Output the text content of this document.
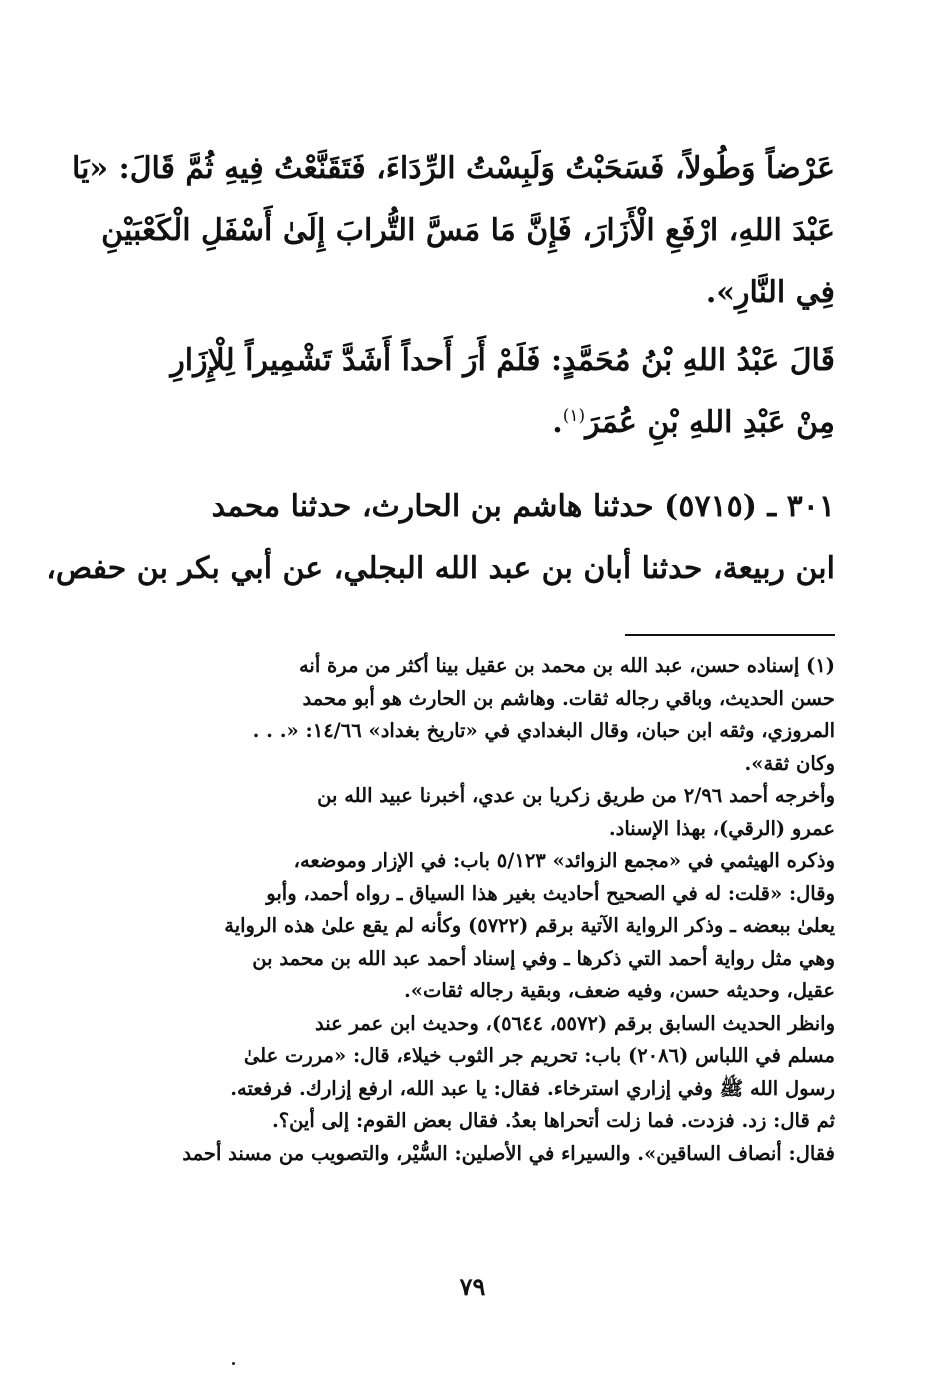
عَرْضاً وَطُولاً، فَسَحَبْتُ وَلَبِسْتُ الرِّدَاءَ، فَتَقَنَّعْتُ فِيهِ ثُمَّ قَالَ: «يَا
عَبْدَ اللهِ، ارْفَعِ الْأَزَارَ، فَإِنَّ مَا مَسَّ التُّرابَ إِلَىٰ أَسْفَلِ الْكَعْبَيْنِ
فِي النَّارِ».
قَالَ عَبْدُ اللهِ بْنُ مُحَمَّدٍ: فَلَمْ أَرَ أَحداً أَشَدَّ تَشْمِيراً لِلْإِزَارِ
مِنْ عَبْدِ اللهِ بْنِ عُمَرَ$^{(١)}$.
٣٠١ ـ (٥٧١٥) حدثنا هاشم بن الحارث، حدثنا محمد
ابن ربيعة، حدثنا أبان بن عبد الله البجلي، عن أبي بكر بن حفص،
(١) إسناده حسن، عبد الله بن محمد بن عقيل بينا أكثر من مرة أنه
حسن الحديث، وباقي رجاله ثقات. وهاشم بن الحارث هو أبو محمد
المروزي، وثقه ابن حبان، وقال البغدادي في «تاريخ بغداد» ١٤/٦٦: «. . .
وكان ثقة».
وأخرجه أحمد ٢/٩٦ من طريق زكريا بن عدي، أخبرنا عبيد الله بن
عمرو (الرقي)، بهذا الإسناد.
وذكره الهيثمي في «مجمع الزوائد» ٥/١٢٣ باب: في الإزار وموضعه،
وقال: «قلت: له في الصحيح أحاديث بغير هذا السياق ـ رواه أحمد، وأبو
يعلىٰ ببعضه ـ وذكر الرواية الآتية برقم (٥٧٢٢) وكأنه لم يقع علىٰ هذه الرواية
وهي مثل رواية أحمد التي ذكرها ـ وفي إسناد أحمد عبد الله بن محمد بن
عقيل، وحديثه حسن، وفيه ضعف، وبقية رجاله ثقات».
وانظر الحديث السابق برقم (٥٥٧٢، ٥٦٤٤)، وحديث ابن عمر عند
مسلم في اللباس (٢٠٨٦) باب: تحريم جر الثوب خيلاء، قال: «مررت علىٰ
رسول الله ﷺ وفي إزاري استرخاء. فقال: يا عبد الله، ارفع إزارك. فرفعته.
ثم قال: زد. فزدت. فما زلت أتحراها بعدُ. فقال بعض القوم: إلى أين؟.
فقال: أنصاف الساقين». والسيراء في الأصلين: السُّيْر، والتصويب من مسند أحمد
٧٩
